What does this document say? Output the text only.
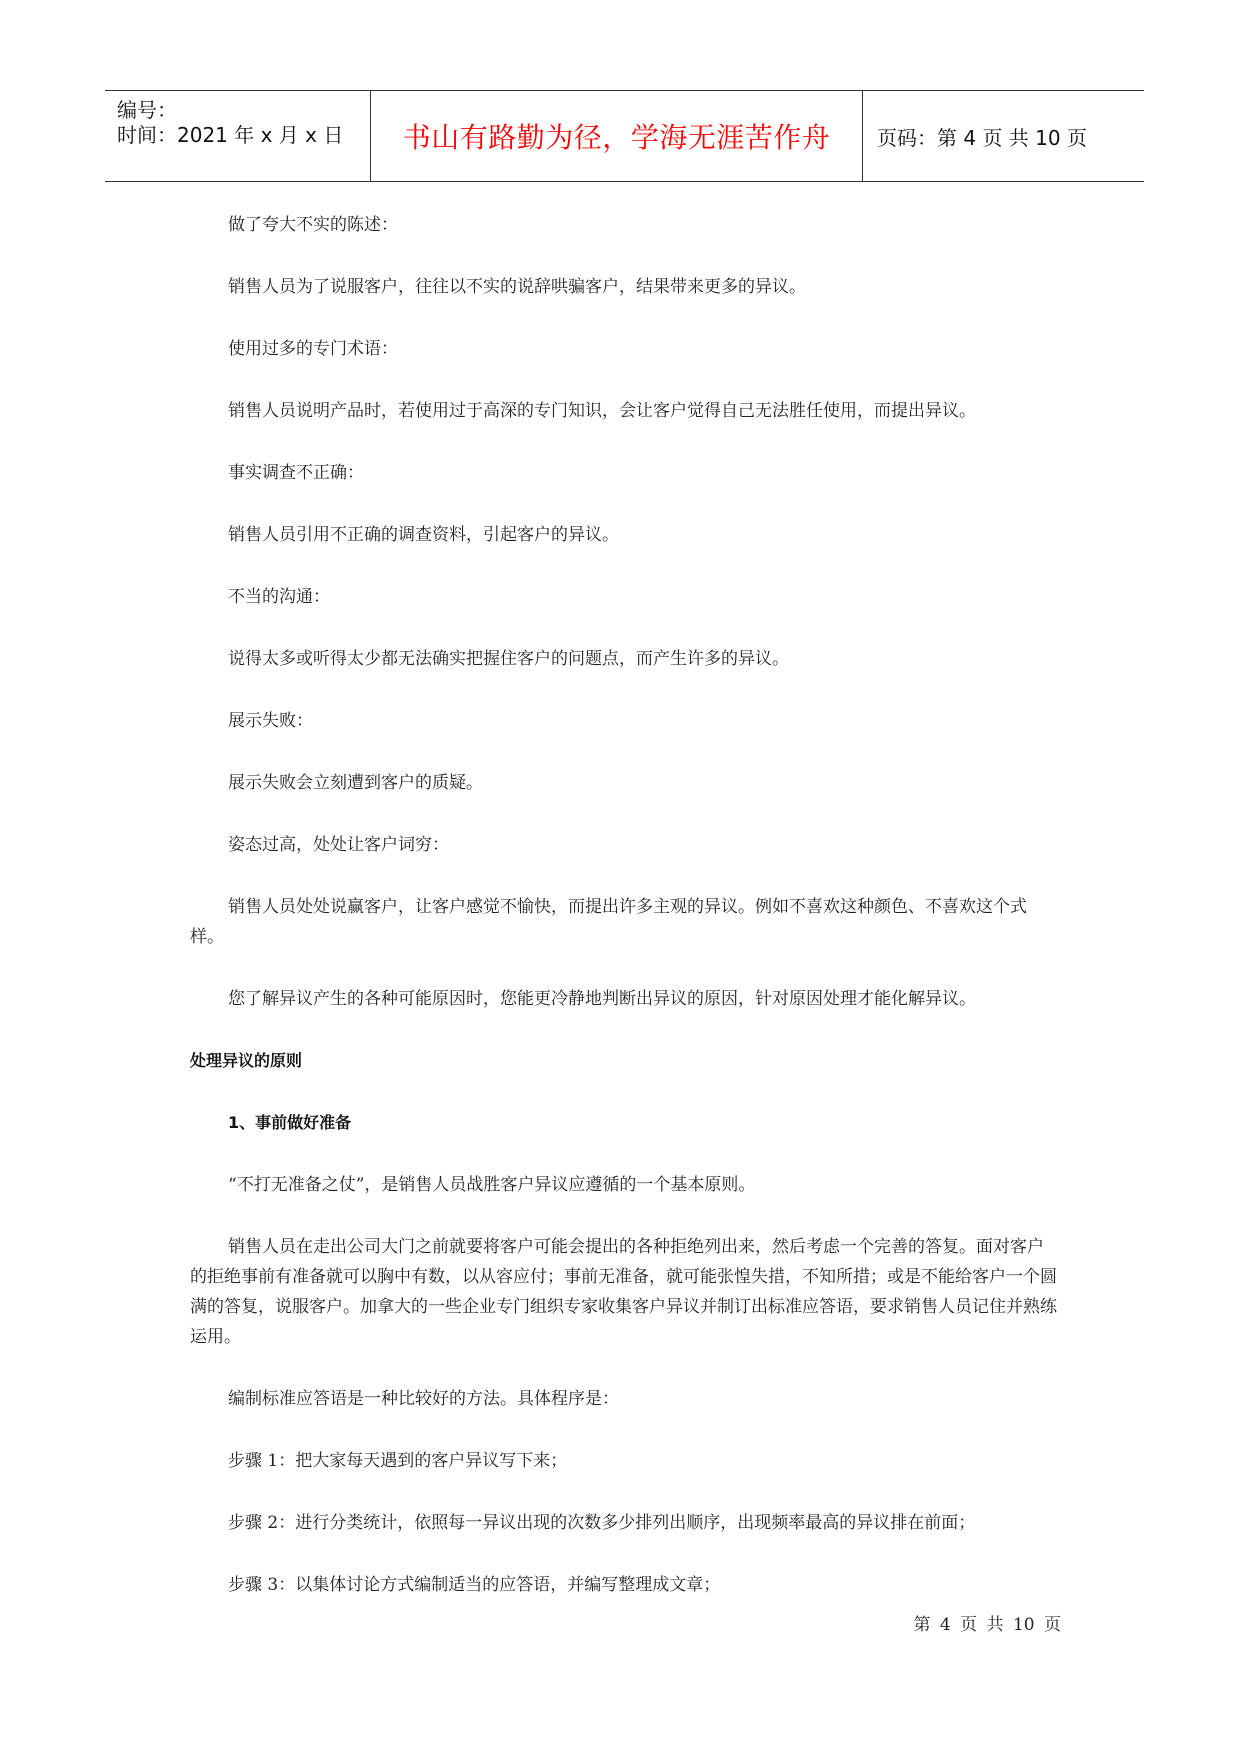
编号：
时间：2021 年 x 月 x 日 书山有路勤为径，学海无涯苦作舟 页码：第 4 页 共 10 页

做了夸大不实的陈述：

销售人员为了说服客户，往往以不实的说辞哄骗客户，结果带来更多的异议。

使用过多的专门术语：

销售人员说明产品时，若使用过于高深的专门知识，会让客户觉得自己无法胜任使用，而提出异议。

事实调查不正确：

销售人员引用不正确的调查资料，引起客户的异议。

不当的沟通：

说得太多或听得太少都无法确实把握住客户的问题点，而产生许多的异议。

展示失败：

展示失败会立刻遭到客户的质疑。

姿态过高，处处让客户词穷：

销售人员处处说赢客户，让客户感觉不愉快，而提出许多主观的异议。例如不喜欢这种颜色、不喜欢这个式样。

您了解异议产生的各种可能原因时，您能更冷静地判断出异议的原因，针对原因处理才能化解异议。

处理异议的原则

1、事前做好准备

“不打无准备之仗”，是销售人员战胜客户异议应遵循的一个基本原则。

销售人员在走出公司大门之前就要将客户可能会提出的各种拒绝列出来，然后考虑一个完善的答复。面对客户的拒绝事前有准备就可以胸中有数，以从容应付；事前无准备，就可能张惶失措，不知所措；或是不能给客户一个圆满的答复，说服客户。加拿大的一些企业专门组织专家收集客户异议并制订出标准应答语，要求销售人员记住并熟练运用。

编制标准应答语是一种比较好的方法。具体程序是：

步骤 1：把大家每天遇到的客户异议写下来；

步骤 2：进行分类统计，依照每一异议出现的次数多少排列出顺序，出现频率最高的异议排在前面；

步骤 3：以集体讨论方式编制适当的应答语，并编写整理成文章；

第 4 页 共 10 页
